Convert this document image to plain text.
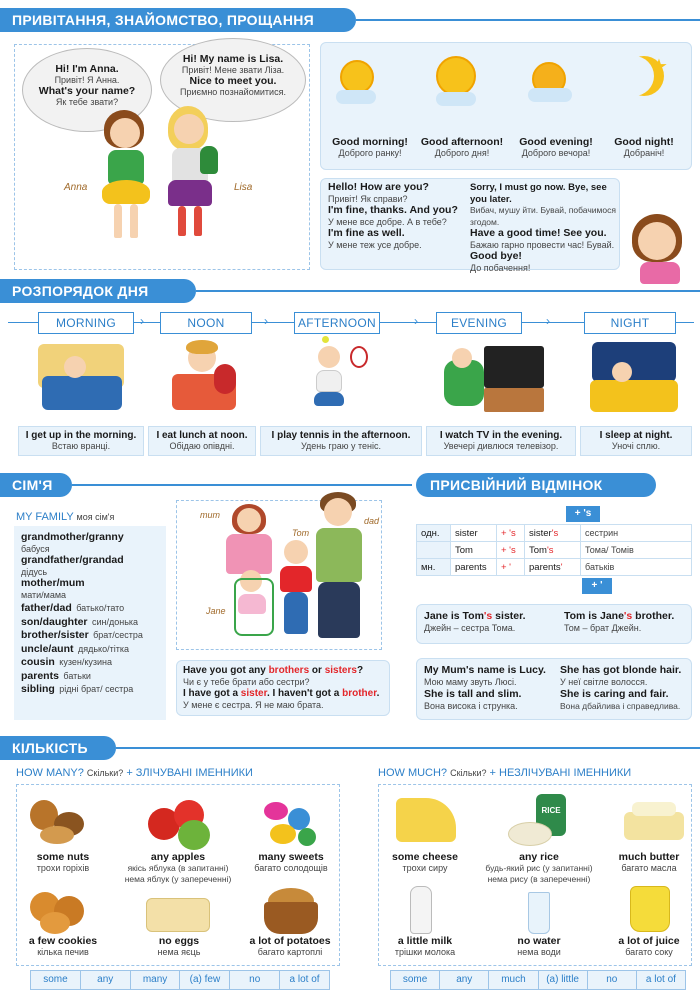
ПРИВІТАННЯ, ЗНАЙОМСТВО, ПРОЩАННЯ
Hi! I'm Anna.
Привіт! Я Анна.
What's your name?
Як тебе звати?
Hi! My name is Lisa.
Привіт! Мене звати Ліза.
Nice to meet you.
Приємно познайомитися.
Anna	Lisa
★
Good morning!
Доброго ранку!
Good afternoon!
Доброго дня!
Good evening!
Доброго вечора!
Good night!
Добраніч!
Hello! How are you?
Привіт! Як справи?
I'm fine, thanks. And you?
У мене все добре. А в тебе?
I'm fine as well.
У мене теж усе добре.
Sorry, I must go now. Bye, see you later.
Вибач, мушу йти. Бувай, побачимося згодом.
Have a good time! See you.
Бажаю гарно провести час! Бувай.
Good bye!
До побачення!
РОЗПОРЯДОК ДНЯ
MORNING	›	NOON	›	AFTERNOON	›	EVENING	›	NIGHT
I get up in the morning.
Встаю вранці.
I eat lunch at noon.
Обідаю опівдні.
I play tennis in the afternoon.
Удень граю у теніс.
I watch TV in the evening.
Увечері дивлюся телевізор.
I sleep at night.
Уночі сплю.
СІМ'Я
MY FAMILY моя сім'я
grandmother/granny
бабуся
grandfather/grandad
дідусь
mother/mum
мати/мама
father/dad батько/тато
son/daughter син/донька
brother/sister брат/сестра
uncle/aunt дядько/тітка
cousin кузен/кузина
parents батьки
sibling рідні брат/ сестра
mum
dad
Tom
Jane
Have you got any brothers or sisters?
Чи є у тебе брати або сестри?
I have got a sister. I haven't got a brother.
У мене є сестра. Я не маю брата.
ПРИСВІЙНИЙ ВІДМІНОК
+ 's
одн.	sister	+ 's	sister's	сестрин
	Tom	+ 's	Tom's	Тома/ Томів
мн.	parents	+ '	parents'	батьків
+ '
Jane is Tom's sister.
Джейн – сестра Тома.
Tom is Jane's brother.
Том – брат Джейн.
My Mum's name is Lucy.
Мою маму звуть Люсі.
She is tall and slim.
Вона висока і струнка.
She has got blonde hair.
У неї світле волосся.
She is caring and fair.
Вона дбайлива і справедлива.
КІЛЬКІСТЬ
HOW MANY? Скільки? + ЗЛІЧУВАНІ ІМЕННИКИ	HOW MUCH? Скільки? + НЕЗЛІЧУВАНІ ІМЕННИКИ
RICE
some nuts
трохи горіхів
any apples
якісь яблука (в запитанні)
нема яблук (у запереченні)
many sweets
багато солодощів
a few cookies
кілька печив
no eggs
нема яєць
a lot of potatoes
багато картоплі
some cheese
трохи сиру
any rice
будь-який рис (у запитанні)
нема рису (в запереченні)
much butter
багато масла
a little milk
трішки молока
no water
нема води
a lot of juice
багато соку
some	any	many	(a) few	no	a lot of	some	any	much	(a) little	no	a lot of
